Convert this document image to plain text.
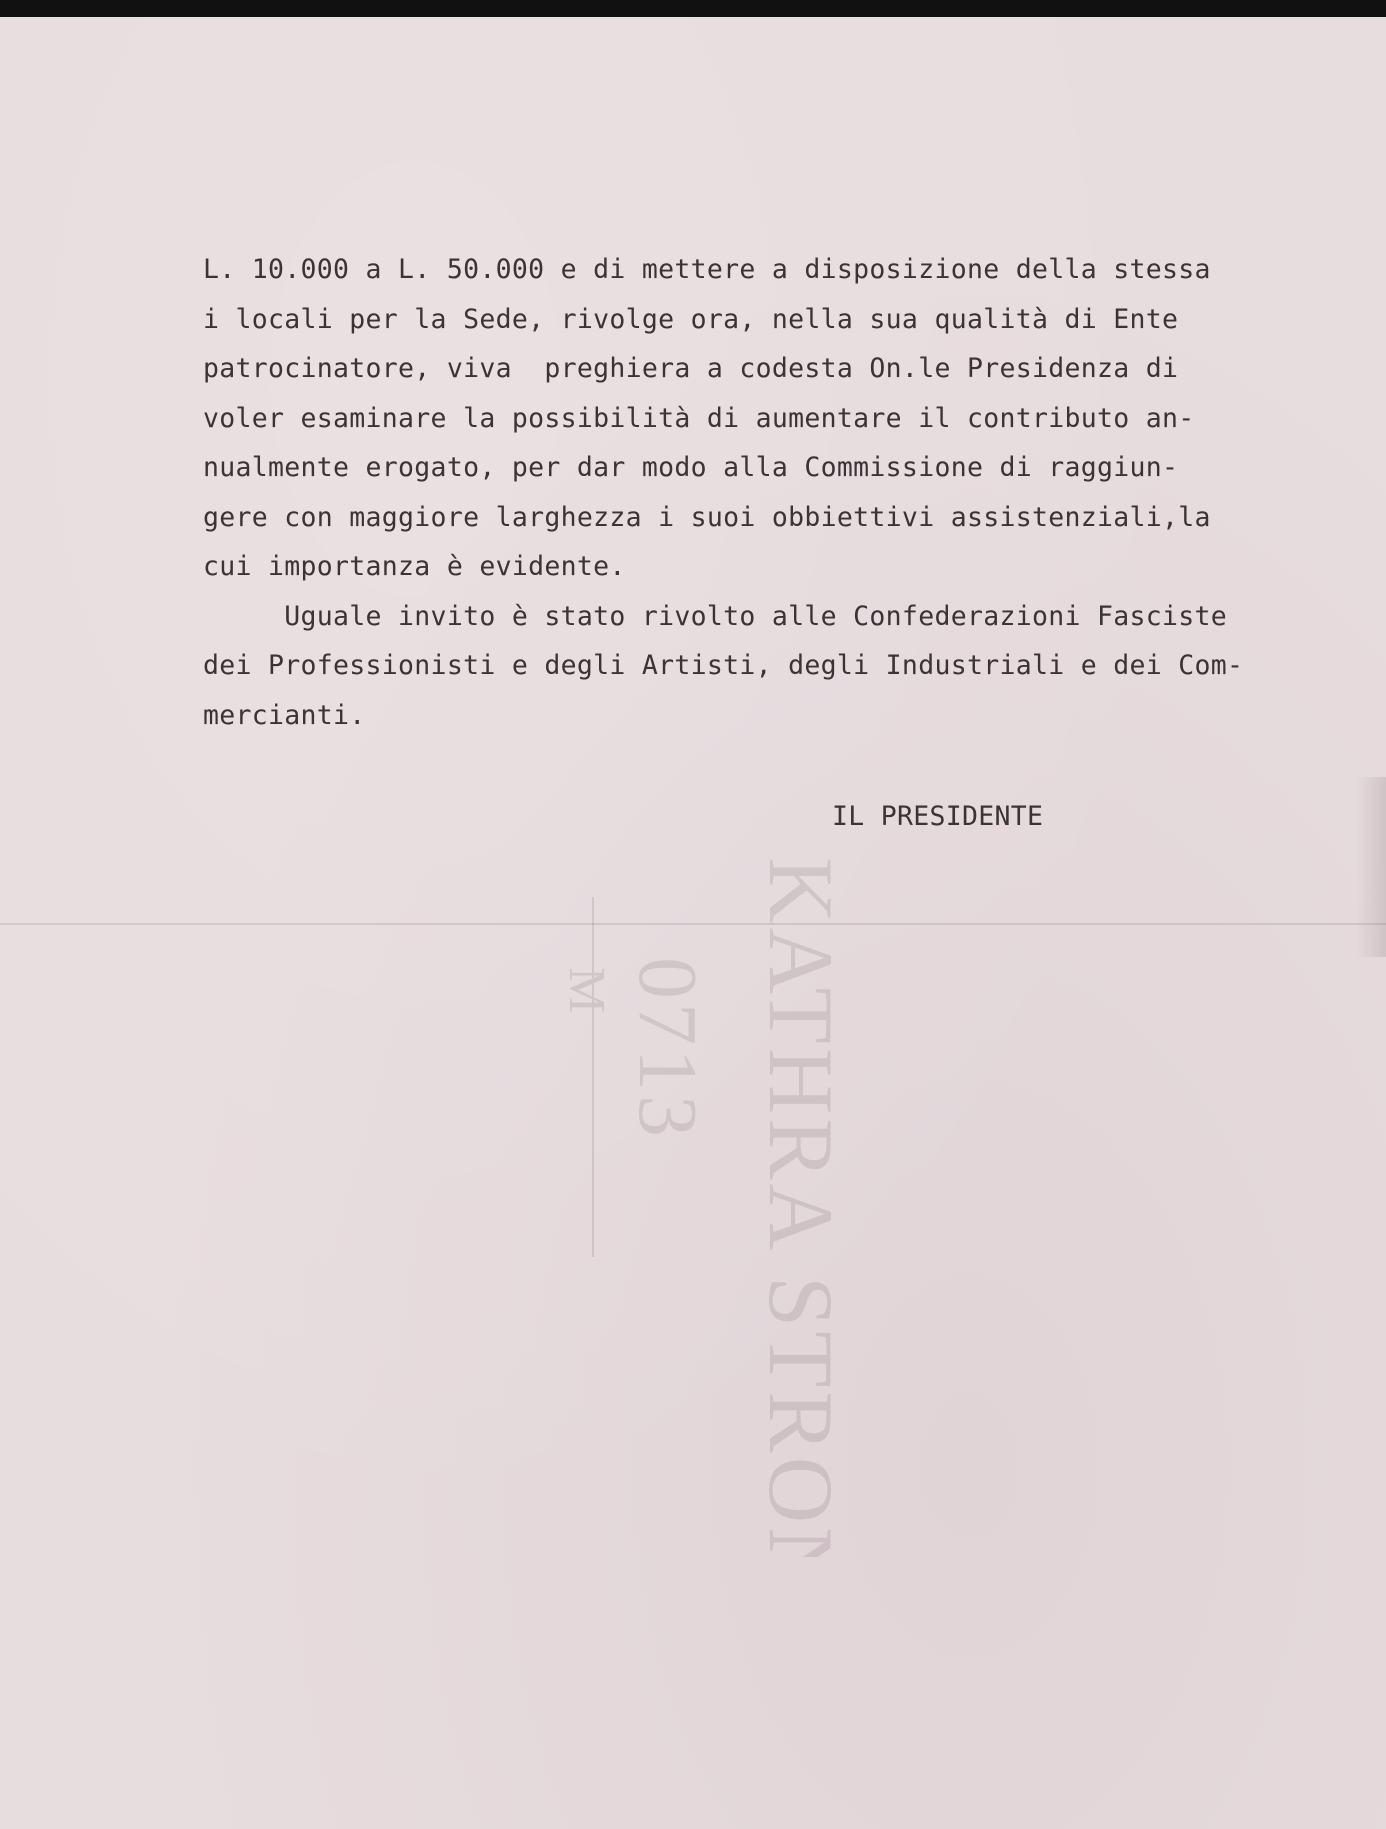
KATHRA STRONG
0713
M
L. 10.000 a L. 50.000 e di mettere a disposizione della stessa
i locali per la Sede, rivolge ora, nella sua qualità di Ente
patrocinatore, viva  preghiera a codesta On.le Presidenza di
voler esaminare la possibilità di aumentare il contributo an-
nualmente erogato, per dar modo alla Commissione di raggiun-
gere con maggiore larghezza i suoi obbiettivi assistenziali,la
cui importanza è evidente.
Uguale invito è stato rivolto alle Confederazioni Fasciste
dei Professionisti e degli Artisti, degli Industriali e dei Com-
mercianti.
IL PRESIDENTE
